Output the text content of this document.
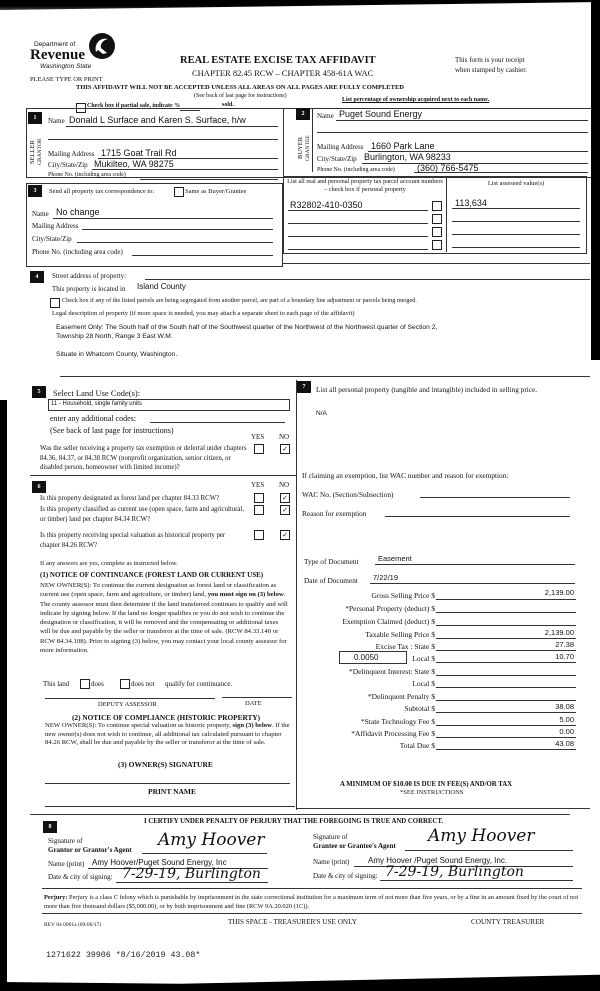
Department of
Revenue
Washington State
REAL ESTATE EXCISE TAX AFFIDAVIT
CHAPTER 82.45 RCW – CHAPTER 458-61A WAC
This form is your receipt
when stamped by cashier.
PLEASE TYPE OR PRINT
THIS AFFIDAVIT WILL NOT BE ACCEPTED UNLESS ALL AREAS ON ALL PAGES ARE FULLY COMPLETED
(See back of last page for instructions)
Check box if partial sale, indicate %	sold.
List percentage of ownership acquired next to each name.
1
SELLER GRANTOR
Name Donald L Surface and Karen S. Surface, h/w
Mailing Address 1715 Goat Trail Rd
City/State/Zip Mukilteo, WA 98275
Phone No. (including area code)
2
BUYER GRANTEE
Name Puget Sound Energy
Mailing Address 1660 Park Lane
City/State/Zip Burlington, WA 98233
Phone No. (including area code) (360) 766-5475
3	Send all property tax correspondence to:	Same as Buyer/Grantee
Name No change
Mailing Address
City/State/Zip
Phone No. (including area code)
List all real and personal property tax parcel account numbers – check box if personal property
List assessed value(s)
R32802-410-0350	113,634
4	Street address of property:
This property is located in Island County
Check box if any of the listed parcels are being segregated from another parcel, are part of a boundary line adjustment or parcels being merged.
Legal description of property (if more space is needed, you may attach a separate sheet to each page of the affidavit)
Easement Only: The South half of the South half of the Southwest quarter of the Northwest of the Northwest quarter of Section 2,
Township 28 North, Range 3 East W.M.
Situate in Whatcom County, Washington.
5	Select Land Use Code(s):
11 - Household, single family units
enter any additional codes:
(See back of last page for instructions)
YES NO
Was the seller receiving a property tax exemption or deferral under chapters 84.36, 84.37, or 84.38 RCW (nonprofit organization, senior citizen, or disabled person, homeowner with limited income)?
✓
6	YES NO
Is this property designated as forest land per chapter 84.33 RCW?	✓
Is this property classified as current use (open space, farm and agricultural, or timber) land per chapter 84.34 RCW?
✓
Is this property receiving special valuation as historical property per chapter 84.26 RCW?
✓
If any answers are yes, complete as instructed below.
(1) NOTICE OF CONTINUANCE (FOREST LAND OR CURRENT USE)
NEW OWNER(S): To continue the current designation as forest land or classification as current use (open space, farm and agriculture, or timber) land, you must sign on (3) below. The county assessor must then determine if the land transferred continues to qualify and will indicate by signing below. If the land no longer qualifies or you do not wish to continue the designation or classification, it will be removed and the compensating or additional taxes will be due and payable by the seller or transferor at the time of sale. (RCW 84.33.140 or RCW 84.34.108). Prior to signing (3) below, you may contact your local county assessor for more information.
This land	does	does not qualify for continuance.
DEPUTY ASSESSOR	DATE
(2) NOTICE OF COMPLIANCE (HISTORIC PROPERTY)
NEW OWNER(S): To continue special valuation as historic property, sign (3) below. If the new owner(s) does not wish to continue, all additional tax calculated pursuant to chapter 84.26 RCW, shall be due and payable by the seller or transferor at the time of sale.
(3) OWNER(S) SIGNATURE
PRINT NAME
7	List all personal property (tangible and intangible) included in selling price.
N/A
If claiming an exemption, list WAC number and reason for exemption:
WAC No. (Section/Subsection)
Reason for exemption
Type of Document	Easement
Date of Document 7/22/19
Gross Selling Price $	2,139.00
*Personal Property (deduct) $
Exemption Claimed (deduct) $
Taxable Selling Price $	2,139.00
Excise Tax : State $	27.38
0.0050	Local $	10.70
*Delinquent Interest: State $
Local $
*Delinquent Penalty $
Subtotal $	38.08
*State Technology Fee $	5.00
*Affidavit Processing Fee $	0.00
Total Due $	43.08
A MINIMUM OF $10.00 IS DUE IN FEE(S) AND/OR TAX
*SEE INSTRUCTIONS
8
I CERTIFY UNDER PENALTY OF PERJURY THAT THE FOREGOING IS TRUE AND CORRECT.
Signature of
Grantor or Grantor's Agent Amy Hoover
Name (print) Amy Hoover/Puget Sound Energy, Inc
Date & city of signing: 7-29-19, Burlington
Signature of
Grantee or Grantee's Agent Amy Hoover
Name (print) Amy Hoover /Puget Sound Energy, Inc.
Date & city of signing: 7-29-19, Burlington
Perjury: Perjury is a class C felony which is punishable by imprisonment in the state correctional institution for a maximum term of not more than five years, or by a fine in an amount fixed by the court of not more than five thousand dollars ($5,000.00), or by both imprisonment and fine (RCW 9A.20.020 (1C)).
REV 84 0001a (09/06/17)	THIS SPACE - TREASURER'S USE ONLY	COUNTY TREASURER
1271622 39906 *8/16/2019 43.08*
